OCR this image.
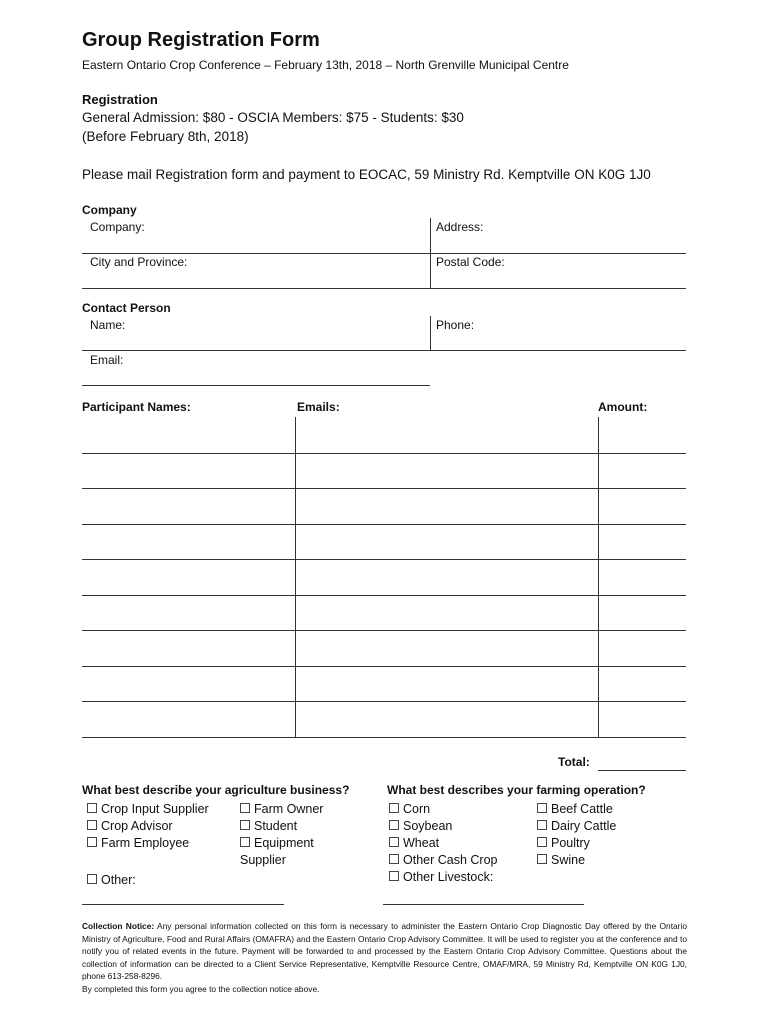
Group Registration Form
Eastern Ontario Crop Conference – February 13th, 2018 – North Grenville Municipal Centre
Registration
General Admission: $80 - OSCIA Members: $75 - Students: $30
(Before February 8th, 2018)
Please mail Registration form and payment to EOCAC, 59 Ministry Rd. Kemptville ON K0G 1J0
Company
Company:	Address:
City and Province:	Postal Code:
Contact Person
Name:	Phone:
Email:
Participant Names:	Emails:	Amount:
Total:
What best describe your agriculture business?	What best describes your farming operation?
Crop Input Supplier
Crop Advisor
Farm Employee
Farm Owner
Student
Equipment
Supplier
Other:
Corn
Soybean
Wheat
Other Cash Crop
Other Livestock:
Beef Cattle
Dairy Cattle
Poultry
Swine
Collection Notice: Any personal information collected on this form is necessary to administer the Eastern Ontario Crop Diagnostic Day offered by the Ontario Ministry of Agriculture, Food and Rural Affairs (OMAFRA) and the Eastern Ontario Crop Advisory Committee. It will be used to register you at the conference and to notify you of related events in the future. Payment will be forwarded to and processed by the Eastern Ontario Crop Advisory Committee. Questions about the collection of information can be directed to a Client Service Representative, Kemptville Resource Centre, OMAF/MRA, 59 Ministry Rd, Kemptville ON K0G 1J0, phone 613-258-8296.
By completed this form you agree to the collection notice above.
